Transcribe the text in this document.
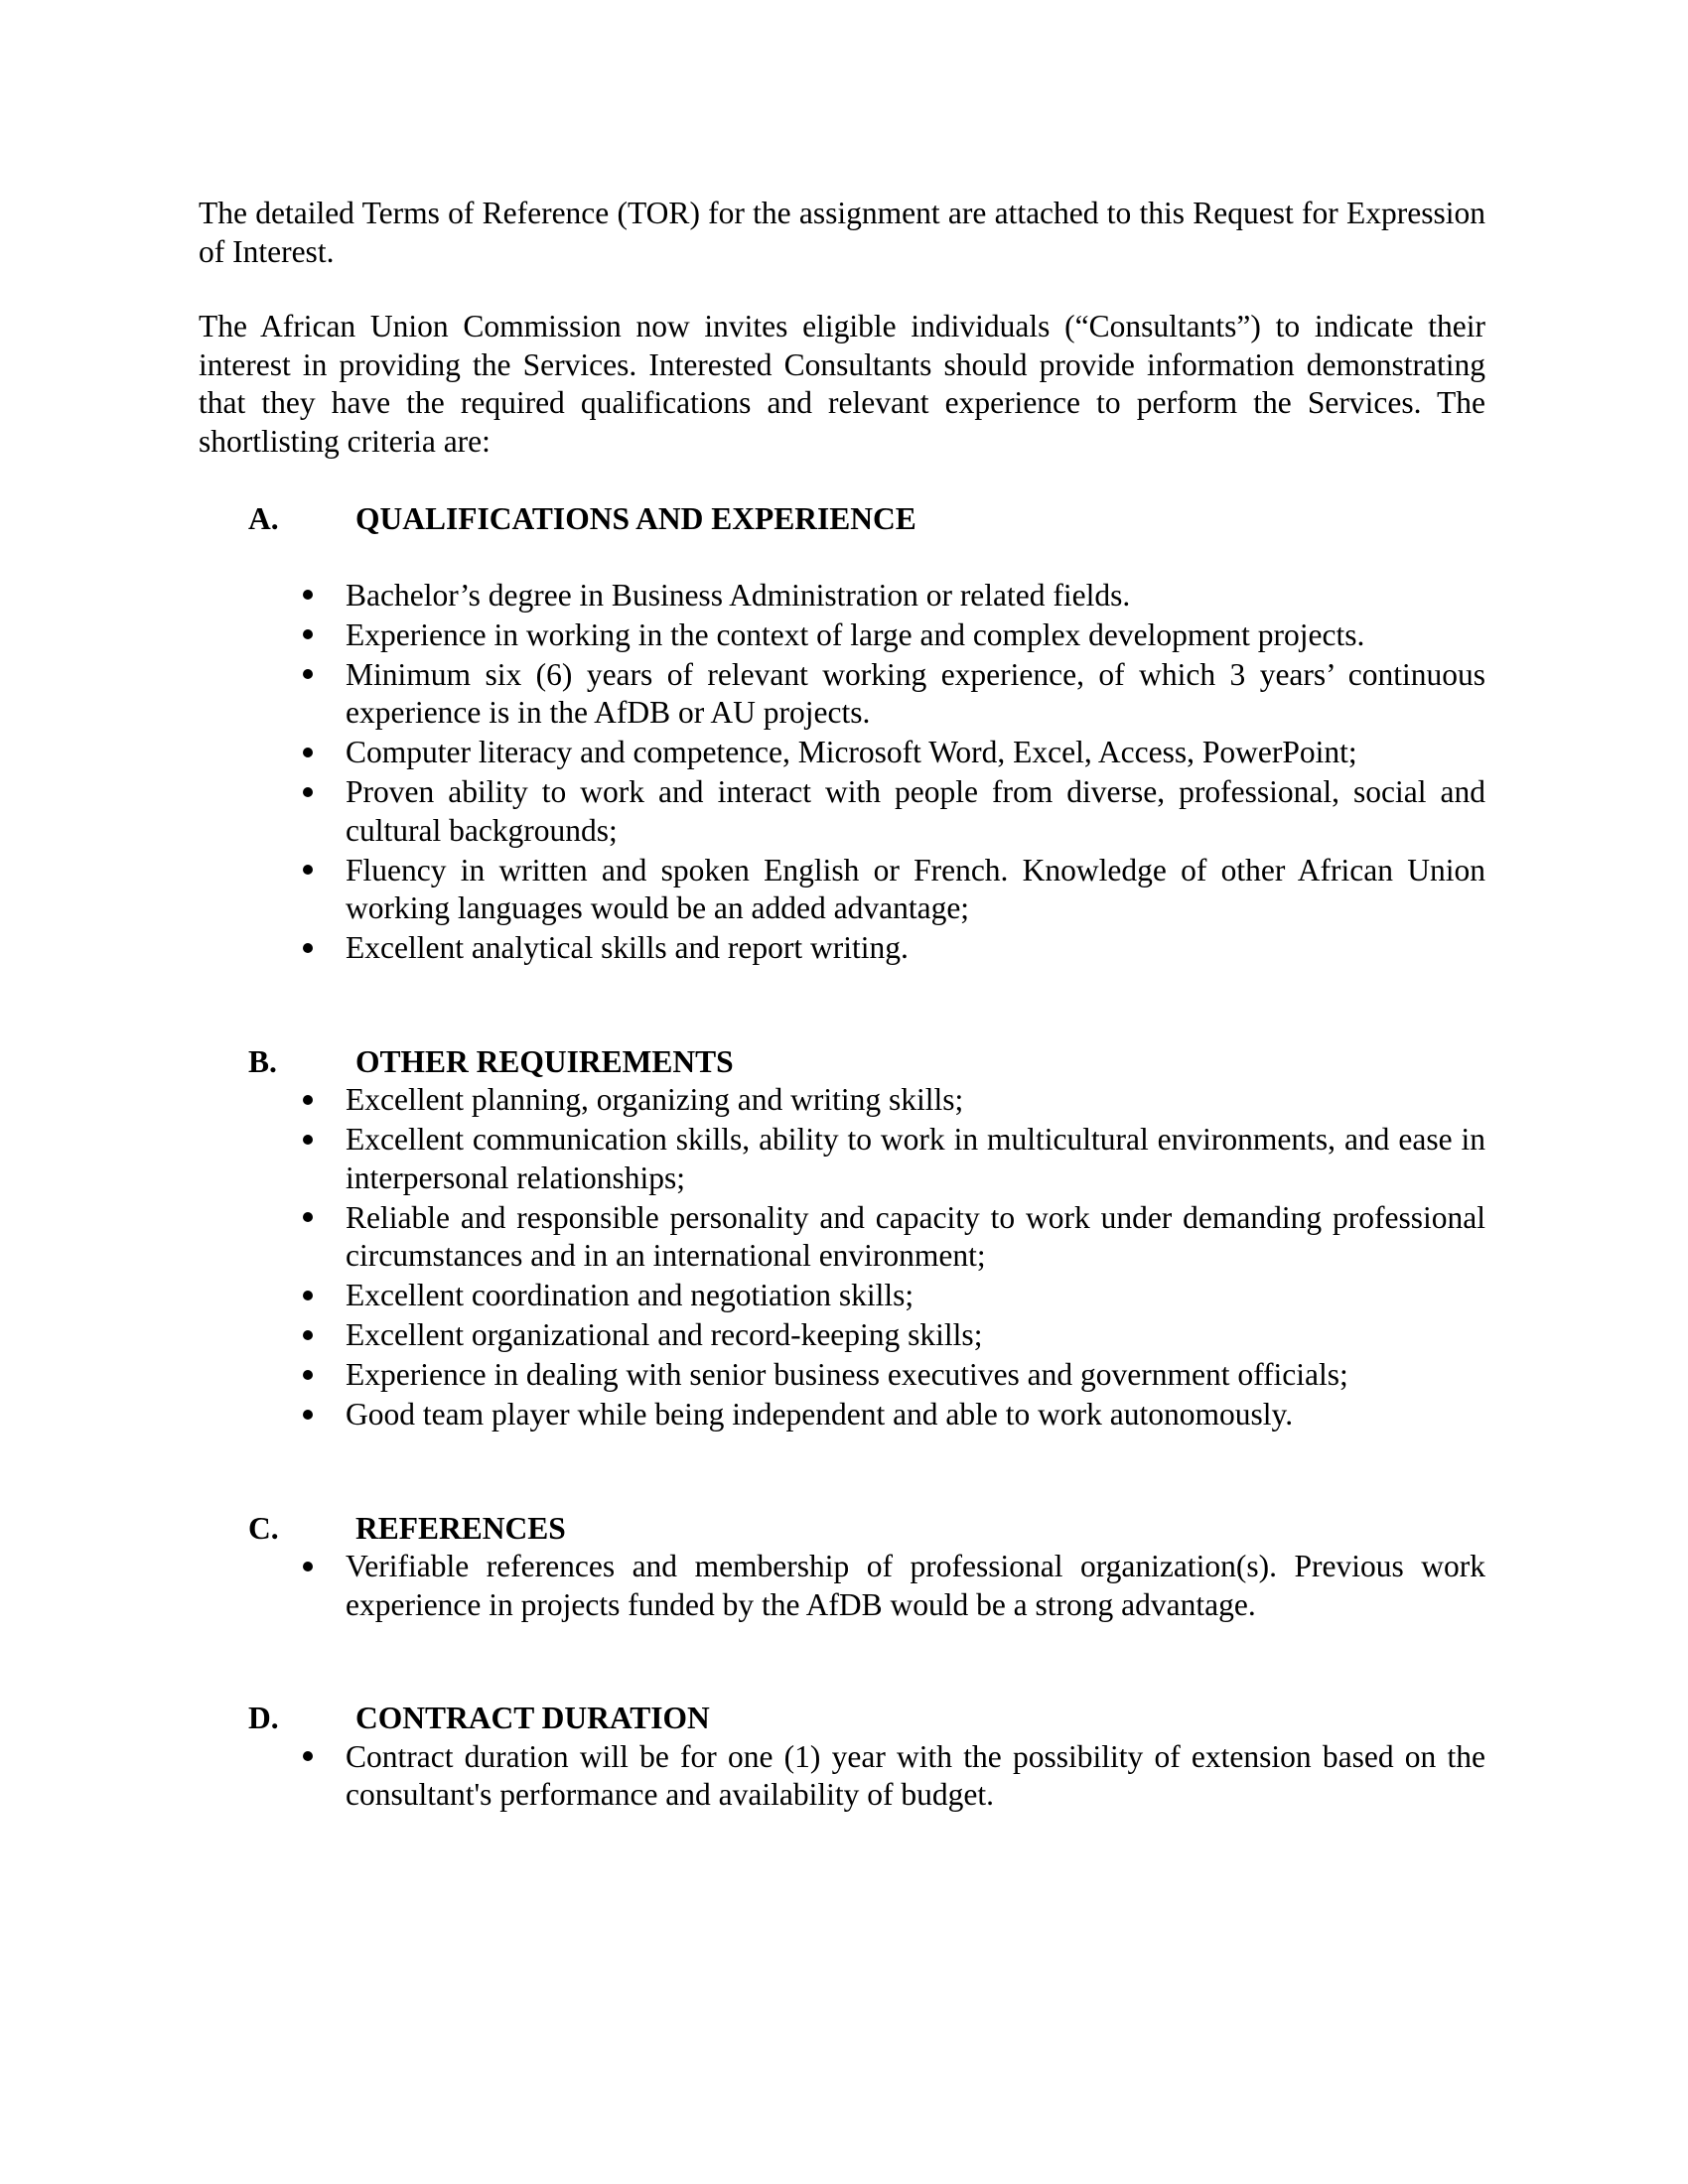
The detailed Terms of Reference (TOR) for the assignment are attached to this Request for Expression of Interest.

The African Union Commission now invites eligible individuals (“Consultants”) to indicate their interest in providing the Services. Interested Consultants should provide information demonstrating that they have the required qualifications and relevant experience to perform the Services. The shortlisting criteria are:

A.	QUALIFICATIONS AND EXPERIENCE
Bachelor’s degree in Business Administration or related fields.
Experience in working in the context of large and complex development projects.
Minimum six (6) years of relevant working experience, of which 3 years’ continuous experience is in the AfDB or AU projects.
Computer literacy and competence, Microsoft Word, Excel, Access, PowerPoint;
Proven ability to work and interact with people from diverse, professional, social and cultural backgrounds;
Fluency in written and spoken English or French. Knowledge of other African Union working languages would be an added advantage;
Excellent analytical skills and report writing.
B.	OTHER REQUIREMENTS
Excellent planning, organizing and writing skills;
Excellent communication skills, ability to work in multicultural environments, and ease in interpersonal relationships;
Reliable and responsible personality and capacity to work under demanding professional circumstances and in an international environment;
Excellent coordination and negotiation skills;
Excellent organizational and record-keeping skills;
Experience in dealing with senior business executives and government officials;
Good team player while being independent and able to work autonomously.
C.	REFERENCES
Verifiable references and membership of professional organization(s). Previous work experience in projects funded by the AfDB would be a strong advantage.
D.	CONTRACT DURATION
Contract duration will be for one (1) year with the possibility of extension based on the consultant's performance and availability of budget.
